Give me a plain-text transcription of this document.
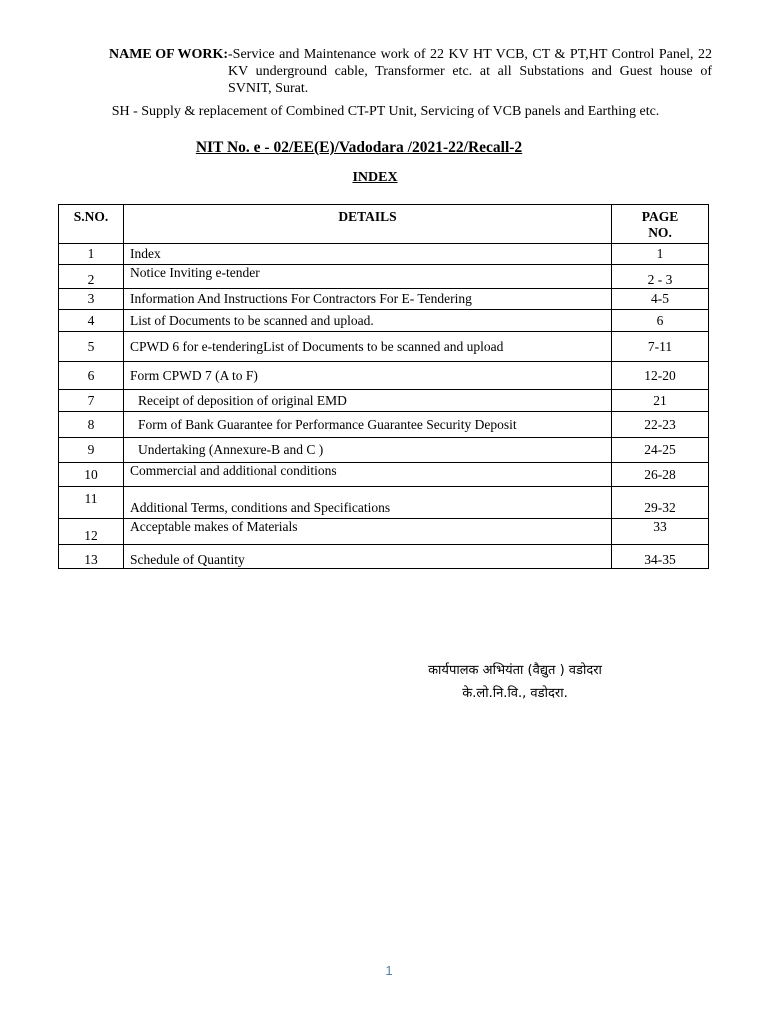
NAME OF WORK:-Service and Maintenance work of 22 KV HT VCB, CT & PT,HT Control Panel, 22 KV underground cable, Transformer etc. at all Substations and Guest house of SVNIT, Surat.
SH - Supply & replacement of Combined CT-PT Unit, Servicing of VCB panels and Earthing etc.
NIT No. e - 02/EE(E)/Vadodara /2021-22/Recall-2
INDEX
S.NO.	DETAILS	PAGE
NO.

1	Index	1
2	Notice Inviting e-tender	2 - 3
3	Information And Instructions For Contractors For E- Tendering	4-5
4	List of Documents to be scanned and upload.	6
5	CPWD 6 for e-tenderingList of Documents to be scanned and upload	7-11
6	Form CPWD 7 (A to F)	12-20
7	Receipt of deposition of original EMD	21
8	Form of Bank Guarantee for Performance Guarantee Security Deposit	22-23
9	Undertaking (Annexure-B and C )	24-25
10	Commercial and additional conditions	26-28
11	Additional Terms, conditions and Specifications	29-32
12	Acceptable makes of Materials	33
13	Schedule of Quantity	34-35
कार्यपालक अभियंता (वैद्युत ) वडोदरा
के.लो.नि.वि., वडोदरा.
1
